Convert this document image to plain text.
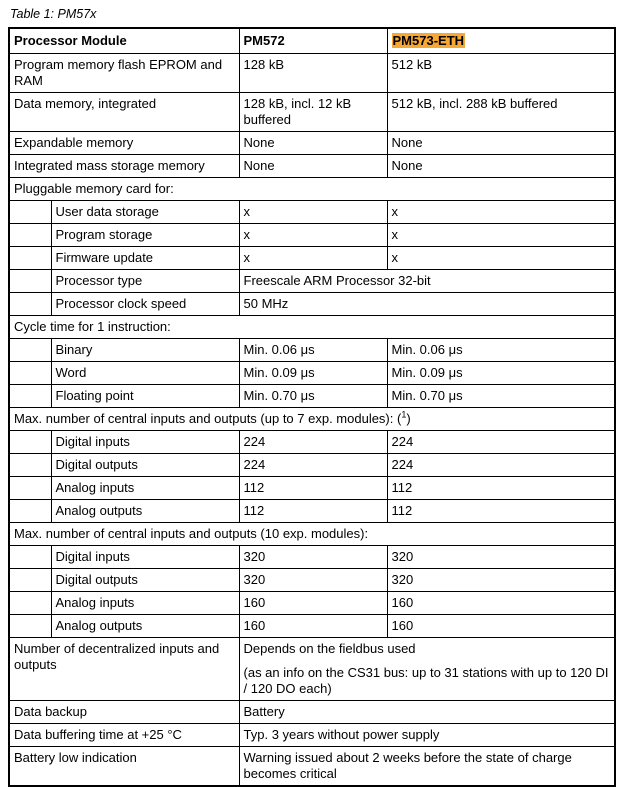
Table 1: PM57x
Processor Module		PM572	PM573-ETH
Program memory flash EPROM and RAM		128 kB	512 kB
Data memory, integrated		128 kB, incl. 12 kB buffered	512 kB, incl. 288 kB buffered
Expandable memory		None	None
Integrated mass storage memory		None	None
Pluggable memory card for:			
	User data storage	x	x
	Program storage	x	x
	Firmware update	x	x
	Processor type	Freescale ARM Processor 32-bit	
	Processor clock speed	50 MHz	
Cycle time for 1 instruction:			
	Binary	Min. 0.06 μs	Min. 0.06 μs
	Word	Min. 0.09 μs	Min. 0.09 μs
	Floating point	Min. 0.70 μs	Min. 0.70 μs
Max. number of central inputs and outputs (up to 7 exp. modules): ($^1$)			
	Digital inputs	224	224
	Digital outputs	224	224
	Analog inputs	112	112
	Analog outputs	112	112
Max. number of central inputs and outputs (10 exp. modules):			
	Digital inputs	320	320
	Digital outputs	320	320
	Analog inputs	160	160
	Analog outputs	160	160
Number of decentralized inputs and outputs		Depends on the fieldbus used

(as an info on the CS31 bus: up to 31 stations with up to 120 DI / 120 DO each)	

Data backup		Battery	

Data buffering time at +25 °C		Typ. 3 years without power supply	

Battery low indication		Warning issued about 2 weeks before the state of charge becomes critical	
